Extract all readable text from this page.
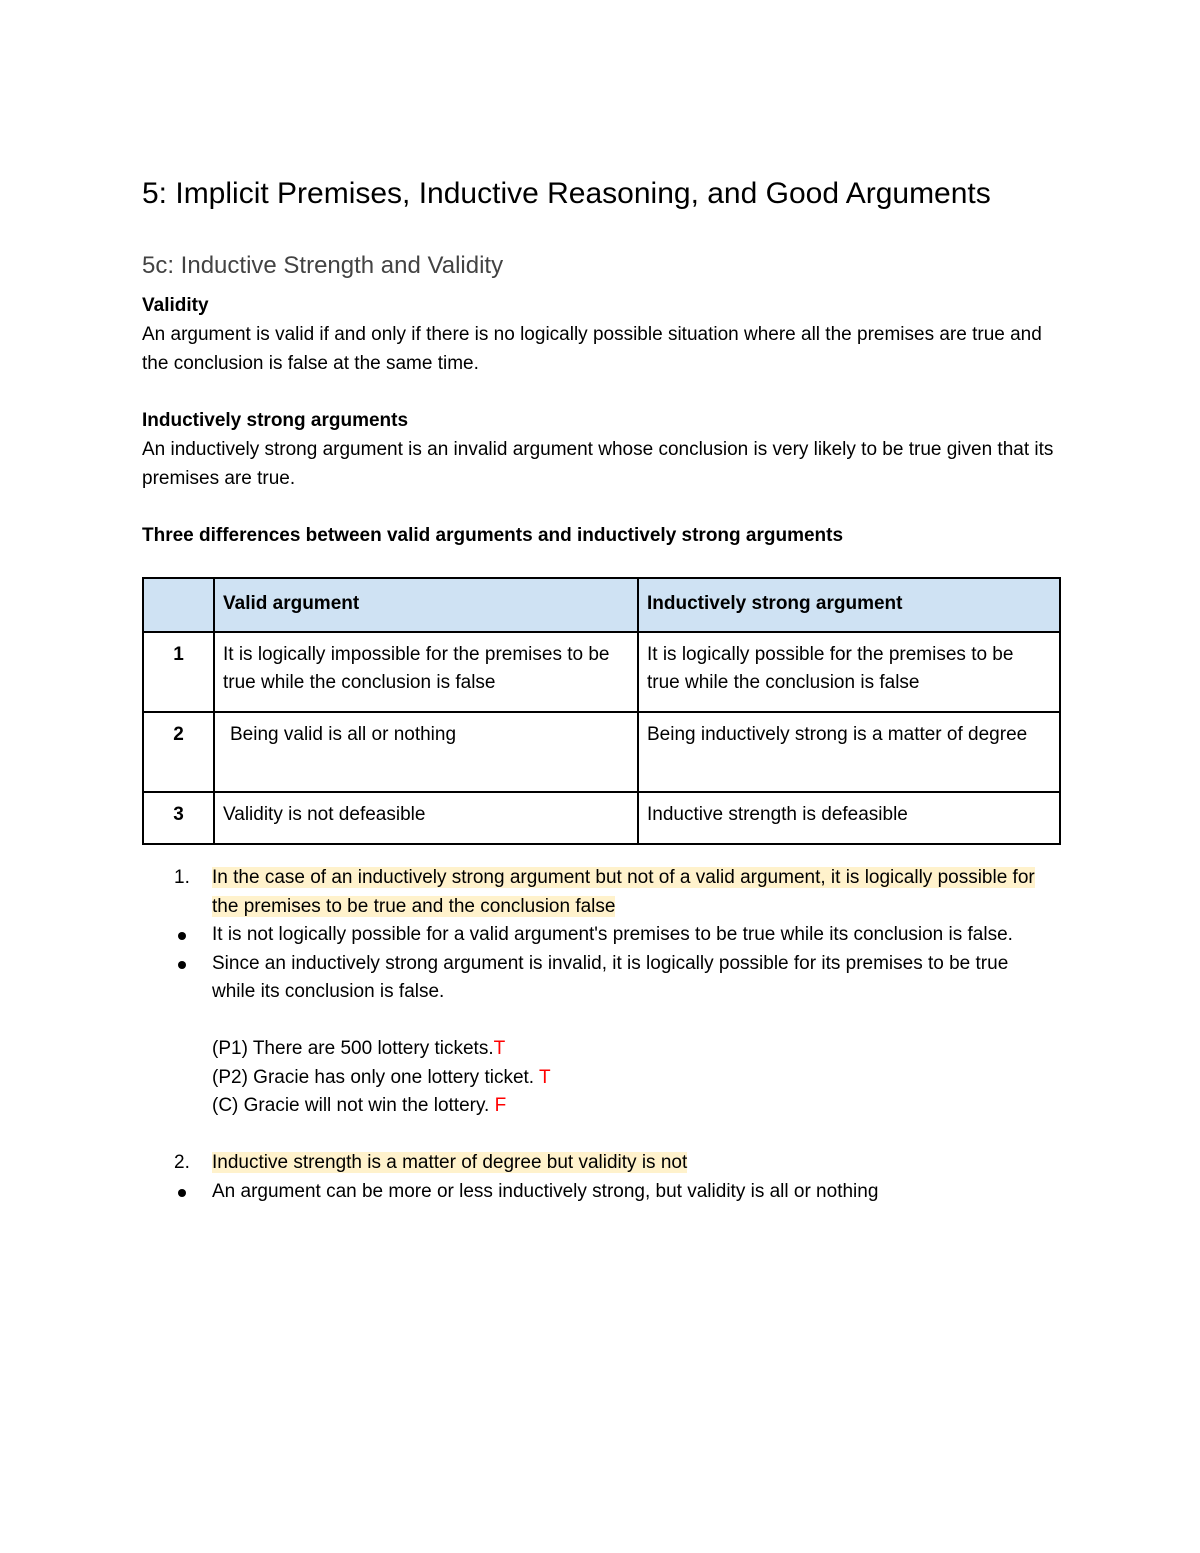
5: Implicit Premises, Inductive Reasoning, and Good Arguments
5c: Inductive Strength and Validity
Validity
An argument is valid if and only if there is no logically possible situation where all the premises are true and the conclusion is false at the same time.
Inductively strong arguments
An inductively strong argument is an invalid argument whose conclusion is very likely to be true given that its premises are true.
Three differences between valid arguments and inductively strong arguments
	Valid argument	Inductively strong argument
1	It is logically impossible for the premises to be true while the conclusion is false	It is logically possible for the premises to be true while the conclusion is false
2	Being valid is all or nothing	Being inductively strong is a matter of degree
3	Validity is not defeasible	Inductive strength is defeasible
1. In the case of an inductively strong argument but not of a valid argument, it is logically possible for the premises to be true and the conclusion false
It is not logically possible for a valid argument's premises to be true while its conclusion is false.
Since an inductively strong argument is invalid, it is logically possible for its premises to be true while its conclusion is false.
(P1) There are 500 lottery tickets.T
(P2) Gracie has only one lottery ticket. T
(C) Gracie will not win the lottery. F
2. Inductive strength is a matter of degree but validity is not
An argument can be more or less inductively strong, but validity is all or nothing
